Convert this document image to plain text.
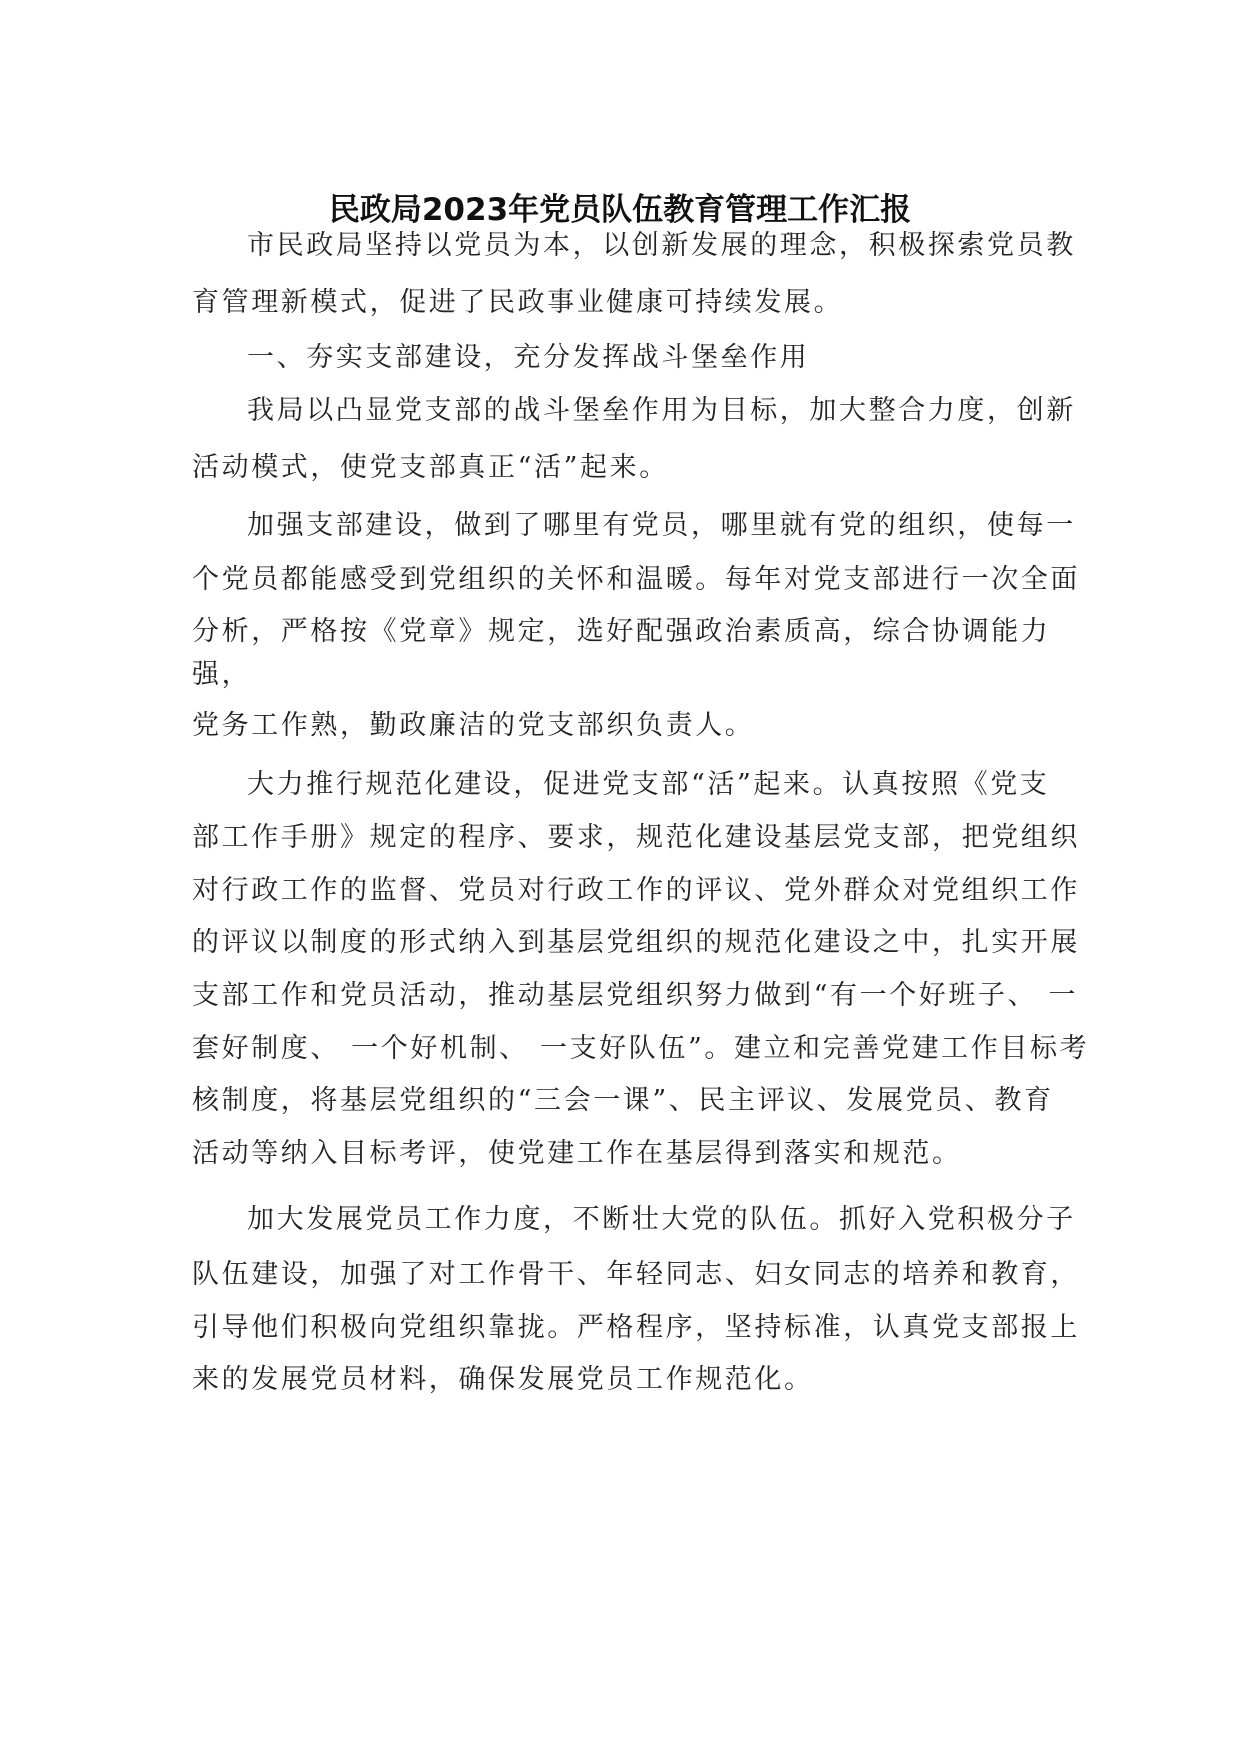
民政局2023年党员队伍教育管理工作汇报

市民政局坚持以党员为本，以创新发展的理念，积极探索党员教

育管理新模式，促进了民政事业健康可持续发展。

一、夯实支部建设，充分发挥战斗堡垒作用

我局以凸显党支部的战斗堡垒作用为目标，加大整合力度，创新

活动模式，使党支部真正“活”起来。

加强支部建设，做到了哪里有党员，哪里就有党的组织，使每一

个党员都能感受到党组织的关怀和温暖。每年对党支部进行一次全面

分析，严格按《党章》规定，选好配强政治素质高，综合协调能力

强，

党务工作熟，勤政廉洁的党支部织负责人。

大力推行规范化建设，促进党支部“活”起来。认真按照《党支

部工作手册》规定的程序、要求，规范化建设基层党支部，把党组织

对行政工作的监督、党员对行政工作的评议、党外群众对党组织工作

的评议以制度的形式纳入到基层党组织的规范化建设之中，扎实开展

支部工作和党员活动，推动基层党组织努力做到“有一个好班子、 一

套好制度、 一个好机制、 一支好队伍”。建立和完善党建工作目标考

核制度，将基层党组织的“三会一课”、民主评议、发展党员、教育

活动等纳入目标考评，使党建工作在基层得到落实和规范。

加大发展党员工作力度，不断壮大党的队伍。抓好入党积极分子

队伍建设，加强了对工作骨干、年轻同志、妇女同志的培养和教育，

引导他们积极向党组织靠拢。严格程序，坚持标准，认真党支部报上

来的发展党员材料，确保发展党员工作规范化。
